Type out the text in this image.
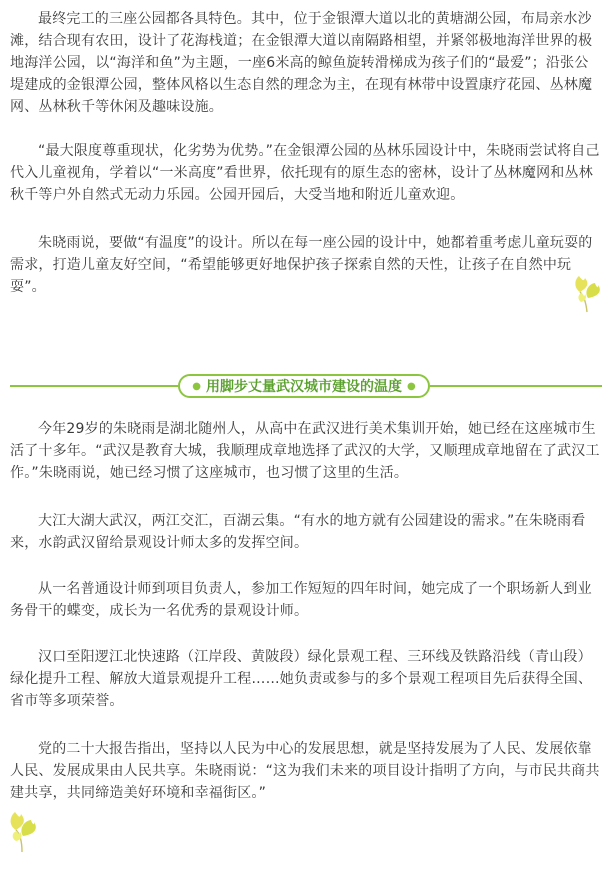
最终完工的三座公园都各具特色。其中，位于金银潭大道以北的黄塘湖公园，布局亲水沙滩，结合现有农田，设计了花海栈道；在金银潭大道以南隔路相望，并紧邻极地海洋世界的极地海洋公园，以“海洋和鱼”为主题，一座6米高的鲸鱼旋转滑梯成为孩子们的“最爱”；沿张公堤建成的金银潭公园，整体风格以生态自然的理念为主，在现有林带中设置康疗花园、丛林魔网、丛林秋千等休闲及趣味设施。

“最大限度尊重现状，化劣势为优势。”在金银潭公园的丛林乐园设计中，朱晓雨尝试将自己代入儿童视角，学着以“一米高度”看世界，依托现有的原生态的密林，设计了丛林魔网和丛林秋千等户外自然式无动力乐园。公园开园后，大受当地和附近儿童欢迎。

朱晓雨说，要做“有温度”的设计。所以在每一座公园的设计中，她都着重考虑儿童玩耍的需求，打造儿童友好空间，“希望能够更好地保护孩子探索自然的天性，让孩子在自然中玩耍”。

● 用脚步丈量武汉城市建设的温度 ●

今年29岁的朱晓雨是湖北随州人，从高中在武汉进行美术集训开始，她已经在这座城市生活了十多年。“武汉是教育大城，我顺理成章地选择了武汉的大学，又顺理成章地留在了武汉工作。”朱晓雨说，她已经习惯了这座城市，也习惯了这里的生活。

大江大湖大武汉，两江交汇，百湖云集。“有水的地方就有公园建设的需求。”在朱晓雨看来，水韵武汉留给景观设计师太多的发挥空间。

从一名普通设计师到项目负责人，参加工作短短的四年时间，她完成了一个职场新人到业务骨干的蝶变，成长为一名优秀的景观设计师。

汉口至阳逻江北快速路（江岸段、黄陂段）绿化景观工程、三环线及铁路沿线（青山段）绿化提升工程、解放大道景观提升工程……她负责或参与的多个景观工程项目先后获得全国、省市等多项荣誉。

党的二十大报告指出，坚持以人民为中心的发展思想，就是坚持发展为了人民、发展依靠人民、发展成果由人民共享。朱晓雨说：“这为我们未来的项目设计指明了方向，与市民共商共建共享，共同缔造美好环境和幸福街区。”
